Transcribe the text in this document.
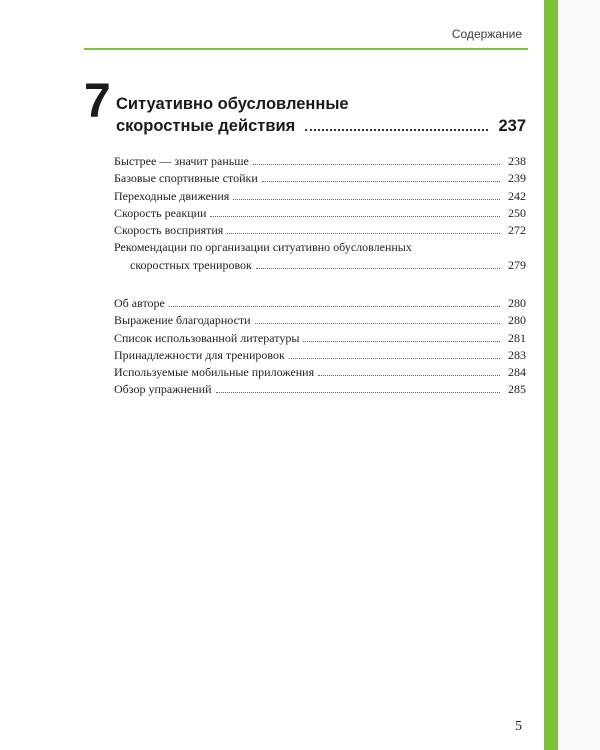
Содержание
7 Ситуативно обусловленные
скоростные действия	237
Быстрее — значит раньше	238
Базовые спортивные стойки	239
Переходные движения	242
Скорость реакции	250
Скорость восприятия	272
Рекомендации по организации ситуативно обусловленных
скоростных тренировок	279
Об авторе	280
Выражение благодарности	280
Список использованной литературы	281
Принадлежности для тренировок	283
Используемые мобильные приложения	284
Обзор упражнений	285
5
